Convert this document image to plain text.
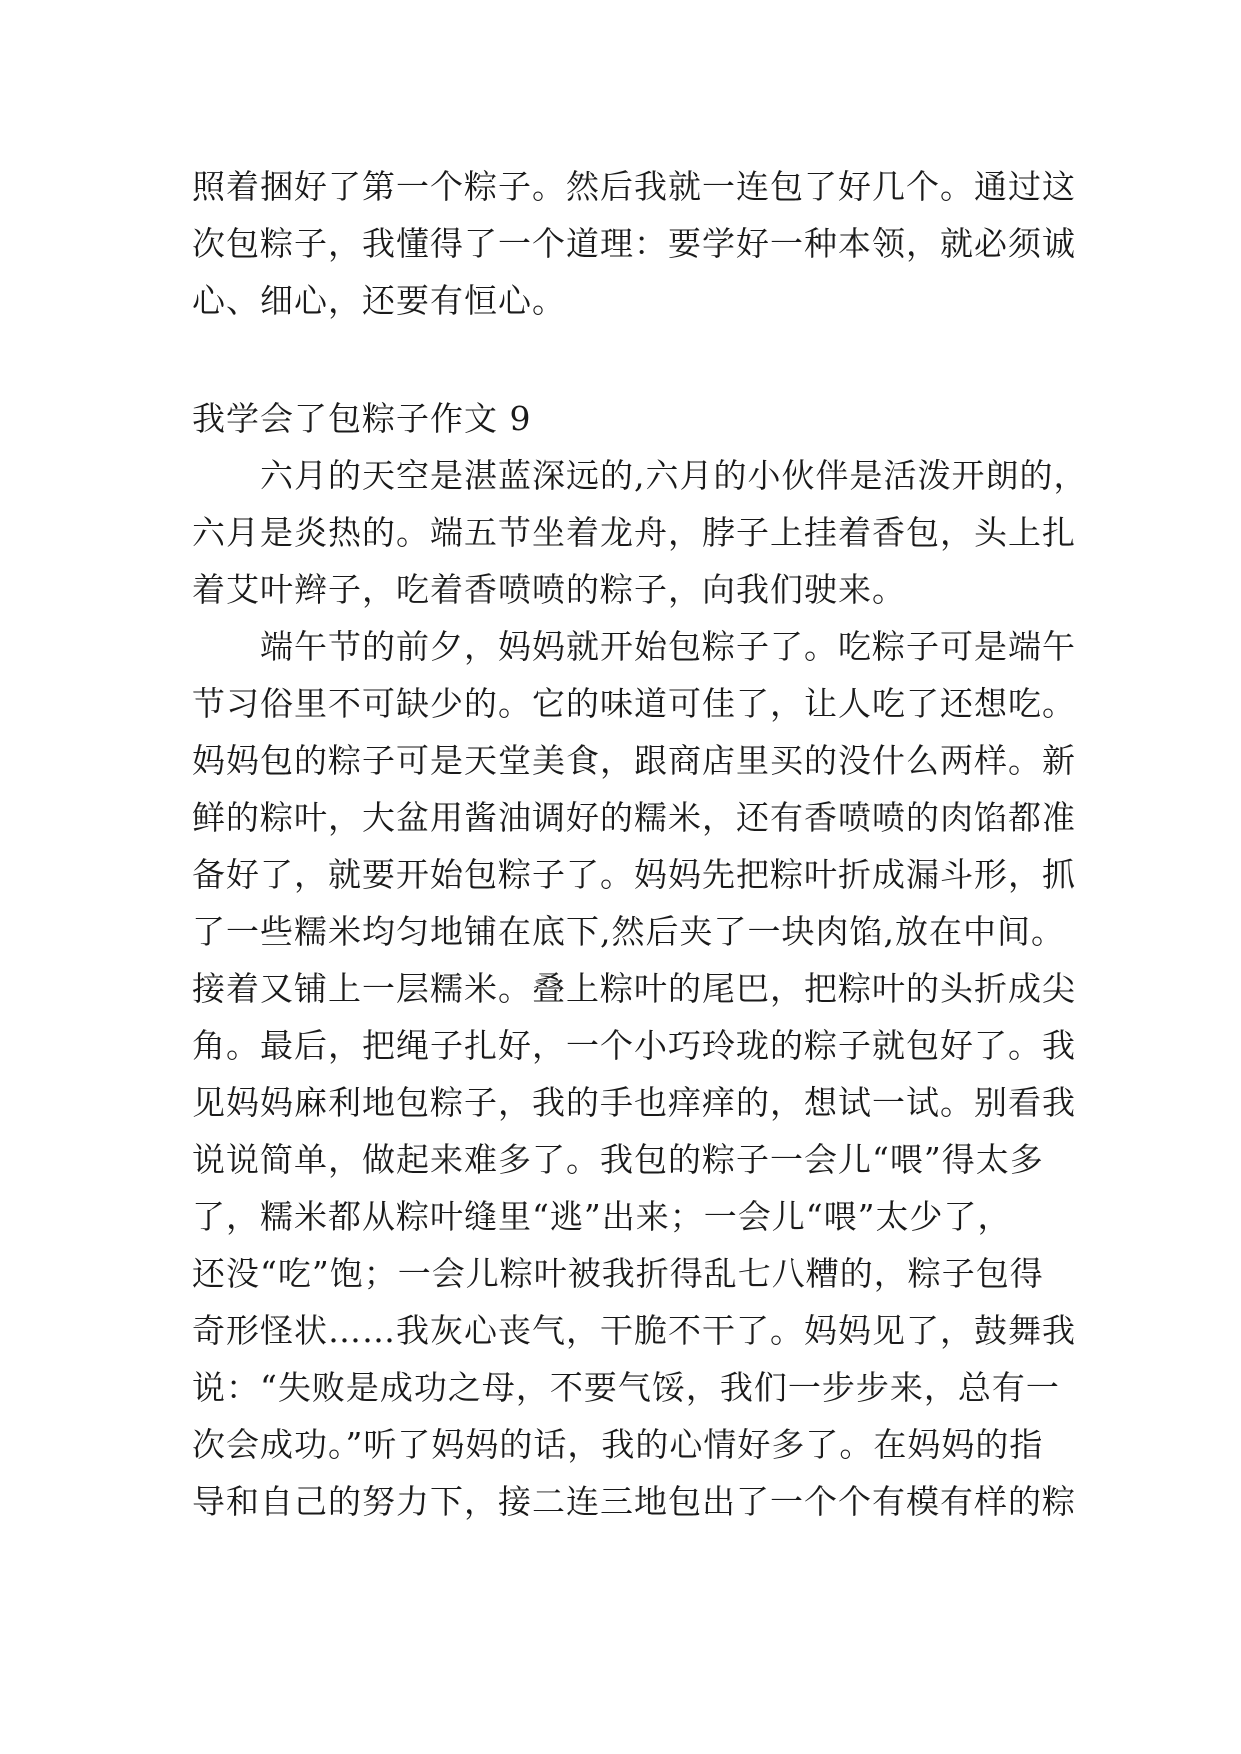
照着捆好了第一个粽子。然后我就一连包了好几个。通过这
次包粽子，我懂得了一个道理：要学好一种本领，就必须诚
心、细心，还要有恒心。
我学会了包粽子作文 9
　　六月的天空是湛蓝深远的,六月的小伙伴是活泼开朗的，
六月是炎热的。端五节坐着龙舟，脖子上挂着香包，头上扎
着艾叶辫子，吃着香喷喷的粽子，向我们驶来。
　　端午节的前夕，妈妈就开始包粽子了。吃粽子可是端午
节习俗里不可缺少的。它的味道可佳了，让人吃了还想吃。
妈妈包的粽子可是天堂美食，跟商店里买的没什么两样。新
鲜的粽叶，大盆用酱油调好的糯米，还有香喷喷的肉馅都准
备好了，就要开始包粽子了。妈妈先把粽叶折成漏斗形，抓
了一些糯米均匀地铺在底下,然后夹了一块肉馅,放在中间。
接着又铺上一层糯米。叠上粽叶的尾巴，把粽叶的头折成尖
角。最后，把绳子扎好，一个小巧玲珑的粽子就包好了。我
见妈妈麻利地包粽子，我的手也痒痒的，想试一试。别看我
说说简单，做起来难多了。我包的粽子一会儿“喂”得太多
了，糯米都从粽叶缝里“逃”出来；一会儿“喂”太少了，
还没“吃”饱；一会儿粽叶被我折得乱七八糟的，粽子包得
奇形怪状……我灰心丧气，干脆不干了。妈妈见了，鼓舞我
说：“失败是成功之母，不要气馁，我们一步步来，总有一
次会成功。”听了妈妈的话，我的心情好多了。在妈妈的指
导和自己的努力下，接二连三地包出了一个个有模有样的粽
